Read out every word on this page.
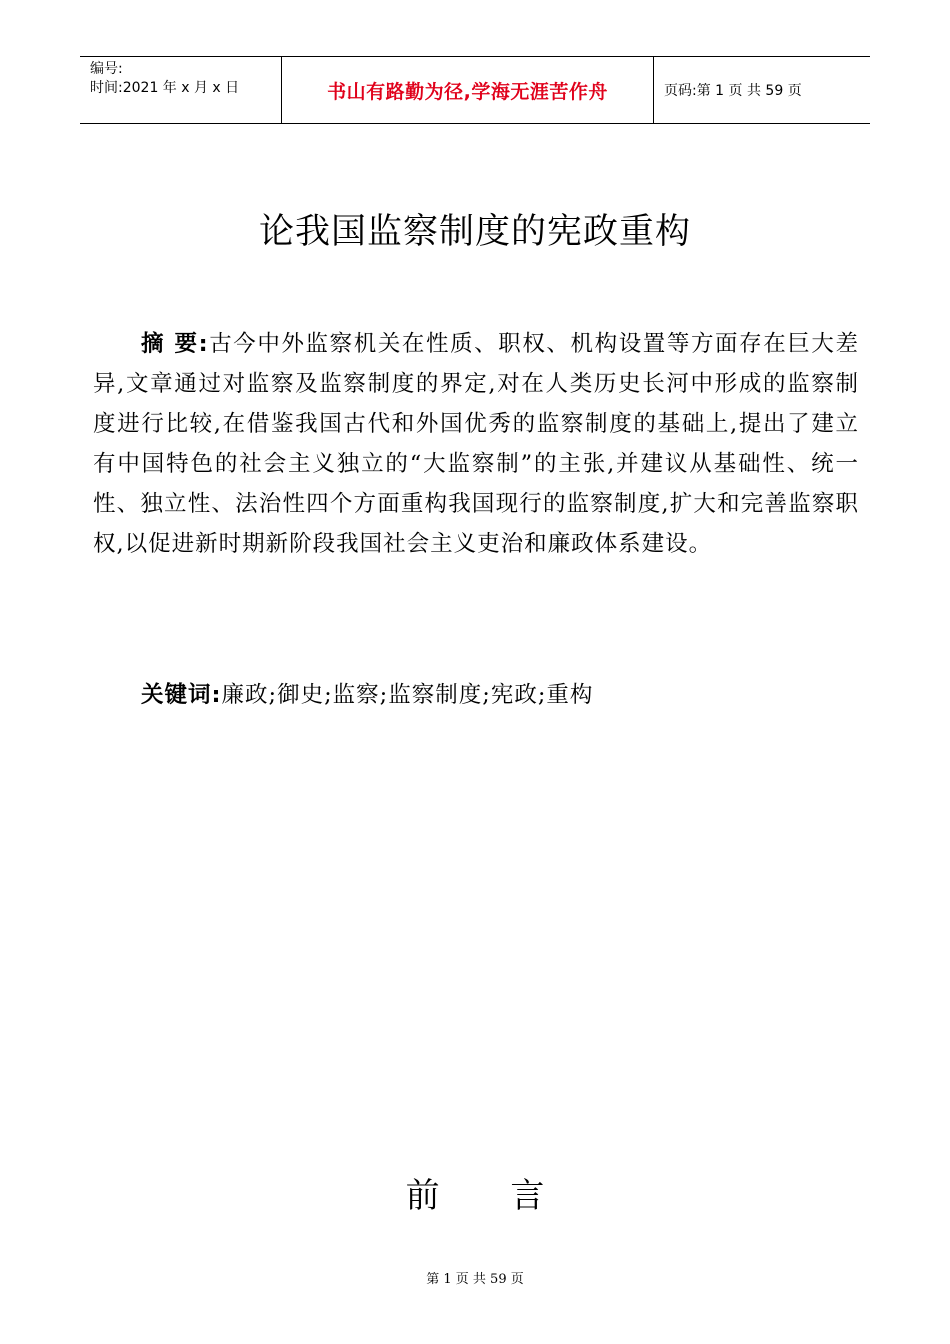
编号:
时间:2021 年 x 月 x 日	书山有路勤为径,学海无涯苦作舟	页码:第 1 页 共 59 页
论我国监察制度的宪政重构
摘 要:古今中外监察机关在性质、职权、机构设置等方面存在巨大差异,文章通过对监察及监察制度的界定,对在人类历史长河中形成的监察制度进行比较,在借鉴我国古代和外国优秀的监察制度的基础上,提出了建立有中国特色的社会主义独立的“大监察制”的主张,并建议从基础性、统一性、独立性、法治性四个方面重构我国现行的监察制度,扩大和完善监察职权,以促进新时期新阶段我国社会主义吏治和廉政体系建设。
关键词:廉政;御史;监察;监察制度;宪政;重构
前 言
第 1 页 共 59 页
